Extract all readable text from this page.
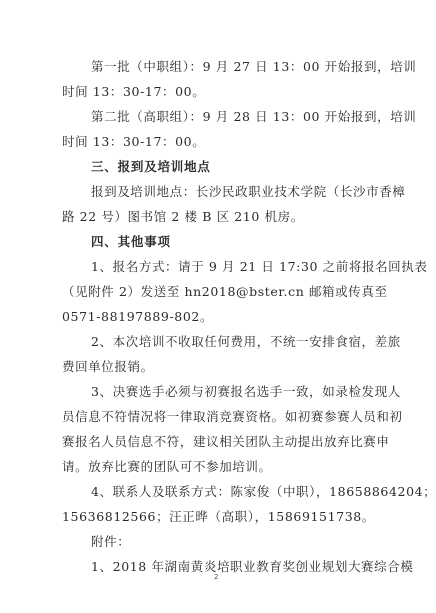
第一批（中职组）：9 月 27 日 13：00 开始报到，培训
时间 13：30-17：00。
第二批（高职组）：9 月 28 日 13：00 开始报到，培训
时间 13：30-17：00。
三、报到及培训地点
报到及培训地点：长沙民政职业技术学院（长沙市香樟
路 22 号）图书馆 2 楼 B 区 210 机房。
四、其他事项
1、报名方式：请于 9 月 21 日 17:30 之前将报名回执表
（见附件 2）发送至 hn2018@bster.cn 邮箱或传真至
0571-88197889-802。
2、本次培训不收取任何费用，不统一安排食宿，差旅
费回单位报销。
3、决赛选手必须与初赛报名选手一致，如录检发现人
员信息不符情况将一律取消竞赛资格。如初赛参赛人员和初
赛报名人员信息不符，建议相关团队主动提出放弃比赛申
请。放弃比赛的团队可不参加培训。
4、联系人及联系方式：陈家俊（中职），18658864204；
15636812566；汪正晔（高职），15869151738。
附件：
1、2018 年湖南黄炎培职业教育奖创业规划大赛综合模
2
